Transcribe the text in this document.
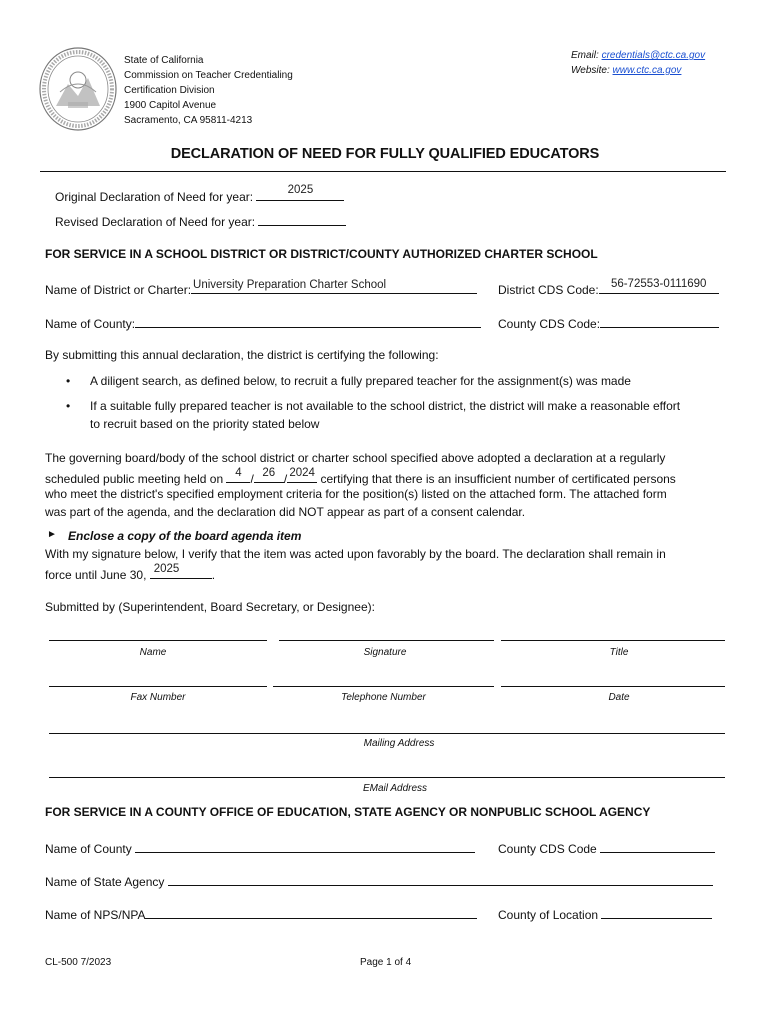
State of California
Commission on Teacher Credentialing
Certification Division
1900 Capitol Avenue
Sacramento, CA 95811-4213
Email: credentials@ctc.ca.gov
Website: www.ctc.ca.gov
DECLARATION OF NEED FOR FULLY QUALIFIED EDUCATORS
Original Declaration of Need for year:	2025
Revised Declaration of Need for year:
FOR SERVICE IN A SCHOOL DISTRICT OR DISTRICT/COUNTY AUTHORIZED CHARTER SCHOOL
Name of District or Charter: University Preparation Charter School	District CDS Code:	56-72553-0111690
Name of County:	County CDS Code:
By submitting this annual declaration, the district is certifying the following:
• A diligent search, as defined below, to recruit a fully prepared teacher for the assignment(s) was made
• If a suitable fully prepared teacher is not available to the school district, the district will make a reasonable effort
to recruit based on the priority stated below
The governing board/body of the school district or charter school specified above adopted a declaration at a regularly
scheduled public meeting held on	4 / 26 / 2024 certifying that there is an insufficient number of certificated persons
who meet the district's specified employment criteria for the position(s) listed on the attached form. The attached form
was part of the agenda, and the declaration did NOT appear as part of a consent calendar.
► Enclose a copy of the board agenda item
With my signature below, I verify that the item was acted upon favorably by the board. The declaration shall remain in
force until June 30, 2025	.
Submitted by (Superintendent, Board Secretary, or Designee):
Name	Signature	Title
Fax Number	Telephone Number	Date
Mailing Address
EMail Address
FOR SERVICE IN A COUNTY OFFICE OF EDUCATION, STATE AGENCY OR NONPUBLIC SCHOOL AGENCY
Name of County	County CDS Code
Name of State Agency
Name of NPS/NPA	County of Location
CL-500 7/2023	Page 1 of 4
